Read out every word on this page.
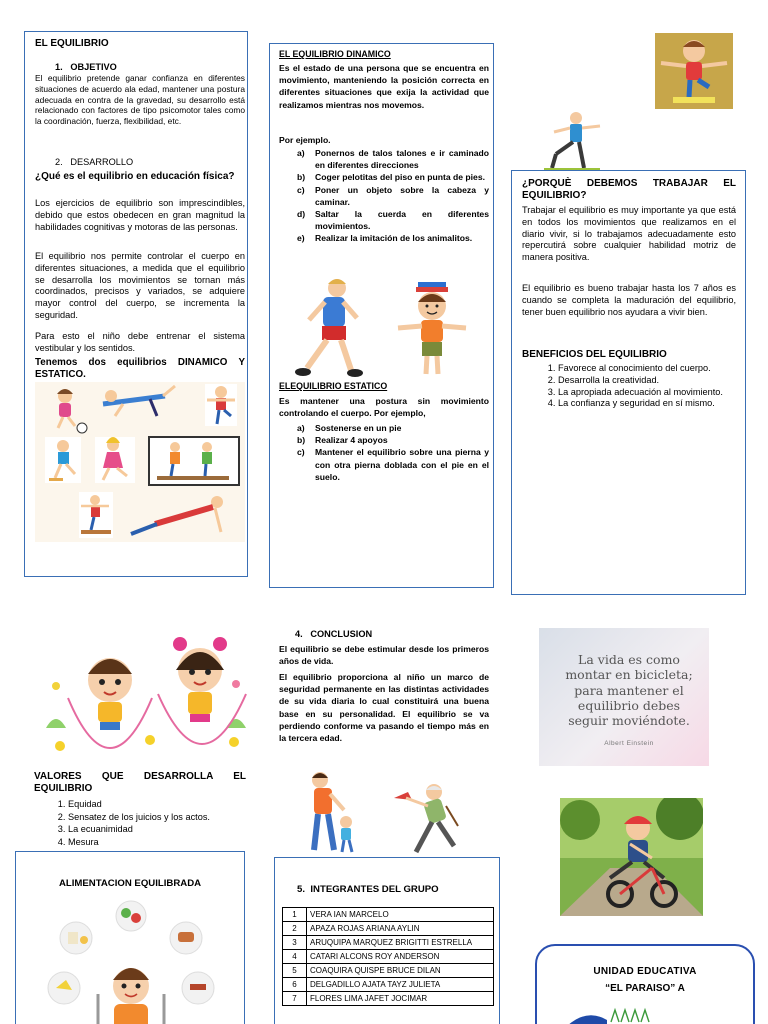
EL EQUILIBRIO
1. OBJETIVO
El equilibrio pretende ganar confianza en diferentes situaciones de acuerdo ala edad, mantener una postura adecuada en contra de la gravedad, su desarrollo está relacionado con factores de tipo psicomotor tales como la coordinación, fuerza, flexibilidad, etc.
2. DESARROLLO
¿Qué es el equilibrio en educación física?
Los ejercicios de equilibrio son imprescindibles, debido que estos obedecen en gran magnitud la habilidades cognitivas y motoras de las personas.
El equilibrio nos permite controlar el cuerpo en diferentes situaciones, a medida que el equilibrio se desarrolla los movimientos se tornan más coordinados, precisos y variados, se adquiere mayor control del cuerpo, se incrementa la seguridad.
Para esto el niño debe entrenar el sistema vestibular y los sentidos.
Tenemos dos equilibrios DINAMICO Y ESTATICO.
EL EQUILIBRIO DINAMICO
Es el estado de una persona que se encuentra en movimiento, manteniendo la posición correcta en diferentes situaciones que exija la actividad que realizamos mientras nos movemos.
Por ejemplo.
a)	Ponernos de talos talones e ir caminado en diferentes direcciones
b)	Coger pelotitas del piso en punta de pies.
c)	Poner un objeto sobre la cabeza y caminar.
d)	Saltar la cuerda en diferentes movimientos.
e)	Realizar la imitación de los animalitos.
ELEQUILIBRIO ESTATICO
Es mantener una postura sin movimiento controlando el cuerpo. Por ejemplo,
a)	Sostenerse en un pie
b)	Realizar 4 apoyos
c)	Mantener el equilibrio sobre una pierna y con otra pierna doblada con el pie en el suelo.
¿PORQUÈ DEBEMOS TRABAJAR EL EQUILIBRIO?
Trabajar el equilibrio es muy importante ya que está en todos los movimientos que realizamos en el diario vivir, si lo trabajamos adecuadamente esto repercutirá sobre cualquier habilidad motriz de manera positiva.
El equilibrio es bueno trabajar hasta los 7 años es cuando se completa la maduración del equilibrio, tener buen equilibrio nos ayudara a vivir bien.
BENEFICIOS DEL EQUILIBRIO
1. Favorece al conocimiento del cuerpo.
2. Desarrolla la creatividad.
3. La apropiada adecuación al movimiento.
4. La confianza y seguridad en sí mismo.
VALORES QUE DESARROLLA EL EQUILIBRIO
1. Equidad
2. Sensatez de los juicios y los actos.
3. La ecuanimidad
4. Mesura
ALIMENTACION EQUILIBRADA
4. CONCLUSION
El equilibrio se debe estimular desde los primeros años de vida.
El equilibrio proporciona al niño un marco de seguridad permanente en las distintas actividades de su vida diaria lo cual constituirá una buena base en su personalidad. El equilibrio se va perdiendo conforme va pasando el tiempo más en la tercera edad.
5. INTEGRANTES DEL GRUPO
1	VERA IAN MARCELO
2	APAZA ROJAS ARIANA AYLIN
3	ARUQUIPA MARQUEZ BRIGITTI ESTRELLA
4	CATARI ALCONS ROY ANDERSON
5	COAQUIRA QUISPE BRUCE DILAN
6	DELGADILLO AJATA TAYZ JULIETA
7	FLORES LIMA JAFET JOCIMAR
La vida es como montar en bicicleta; para mantener el equilibrio debes seguir moviéndote.
Albert Einstein
UNIDAD EDUCATIVA
“EL PARAISO” A
